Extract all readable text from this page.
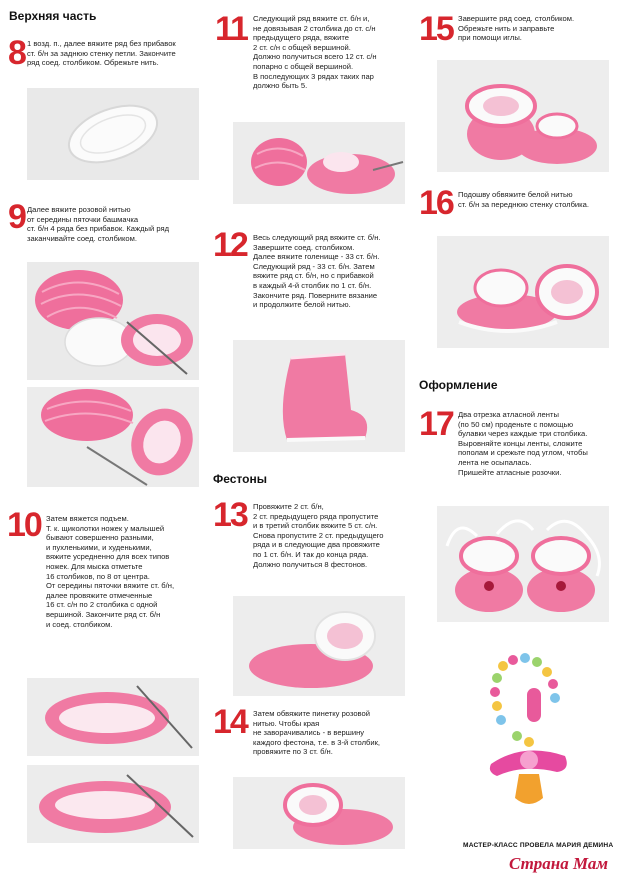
Верхняя часть
Фестоны
Оформление
8 1 возд. п., далее вяжите ряд без прибавок
ст. б/н за заднюю стенку петли. Закончите
ряд соед. столбиком. Обрежьте нить.
9 Далее вяжите розовой нитью
от середины пяточки башмачка
ст. б/н 4 ряда без прибавок. Каждый ряд
заканчивайте соед. столбиком.
10 Затем вяжется подъем.
Т. к. щиколотки ножек у малышей
бывают совершенно разными,
и пухленькими, и худенькими,
вяжите усредненно для всех типов
ножек. Для мыска отметьте
16 столбиков, по 8 от центра.
От середины пяточки вяжите ст. б/н,
далее провяжите отмеченные
16 ст. с/н по 2 столбика с одной
вершиной. Закончите ряд ст. б/н
и соед. столбиком.
11 Следующий ряд вяжите ст. б/н и,
не довязывая 2 столбика до ст. с/н
предыдущего ряда, вяжите
2 ст. с/н с общей вершиной.
Должно получиться всего 12 ст. с/н
попарно с общей вершиной.
В последующих 3 рядах таких пар
должно быть 5.
12 Весь следующий ряд вяжите ст. б/н.
Завершите соед. столбиком.
Далее вяжите голенище - 33 ст. б/н.
Следующий ряд - 33 ст. б/н. Затем
вяжите ряд ст. б/н, но с прибавкой
в каждый 4-й столбик по 1 ст. б/н.
Закончите ряд. Поверните вязание
и продолжите белой нитью.
13 Провяжите 2 ст. б/н,
2 ст. предыдущего ряда пропустите
и в третий столбик вяжите 5 ст. с/н.
Снова пропустите 2 ст. предыдущего
ряда и в следующие два провяжите
по 1 ст. б/н. И так до конца ряда.
Должно получиться 8 фестонов.
14 Затем обвяжите пинетку розовой
нитью. Чтобы края
не заворачивались - в вершину
каждого фестона, т.е. в 3-й столбик,
провяжите по 3 ст. б/н.
15 Завершите ряд соед. столбиком.
Обрежьте нить и заправьте
при помощи иглы.
16 Подошву обвяжите белой нитью
ст. б/н за переднюю стенку столбика.
17 Два отрезка атласной ленты
(по 50 см) проденьте с помощью
булавки через каждые три столбика.
Выровняйте концы ленты, сложите
пополам и срежьте под углом, чтобы
лента не осыпалась.
Пришейте атласные розочки.
МАСТЕР-КЛАСС ПРОВЕЛА МАРИЯ ДЕМИНА
Страна Мам
